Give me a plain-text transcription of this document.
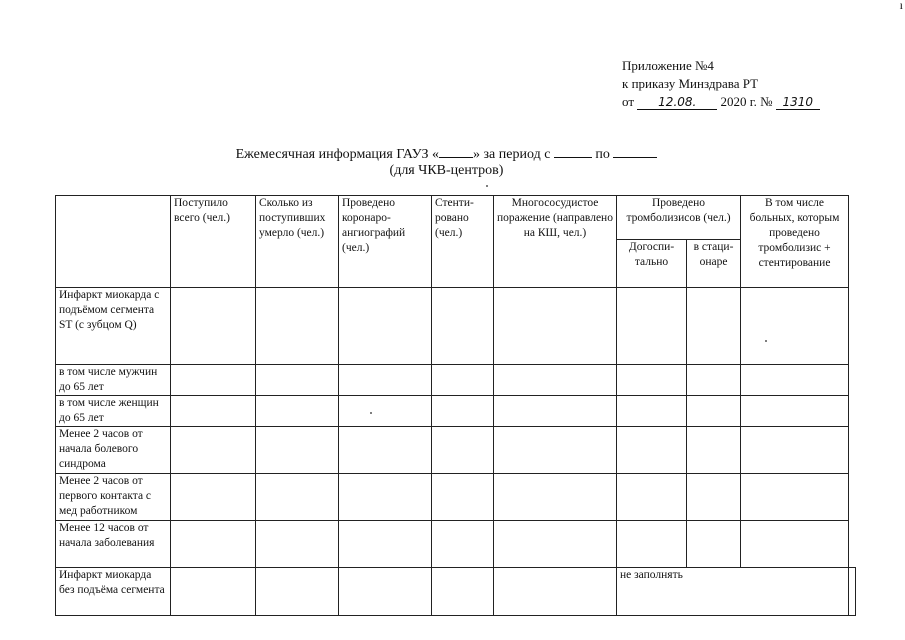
ı
Приложение №4
к приказу Минздрава РТ
от 12.08. 2020 г. № 1310
Ежемесячная информация ГАУЗ « » за период с	по
(для ЧКВ-центров)
	Поступило всего (чел.)	Сколько из поступивших умерло (чел.)	Проведено коронаро-ангиографий (чел.)	Стенти-ровано (чел.)	Многососудистое поражение (направлено на КШ, чел.)	Проведено тромболизисов (чел.)		В том числе больных, которым проведено тромболизис + стентирование	
						Догоспи-тально	в стаци-онаре		
Инфаркт миокарда с подъёмом сегмента ST (с зубцом Q)									
в том числе мужчин до 65 лет									
в том числе женщин до 65 лет									
Менее 2 часов от начала болевого синдрома									
Менее 2 часов от первого контакта с мед работником									
Менее 12 часов от начала заболевания									
Инфаркт миокарда без подъёма сегмента						не заполнять			
